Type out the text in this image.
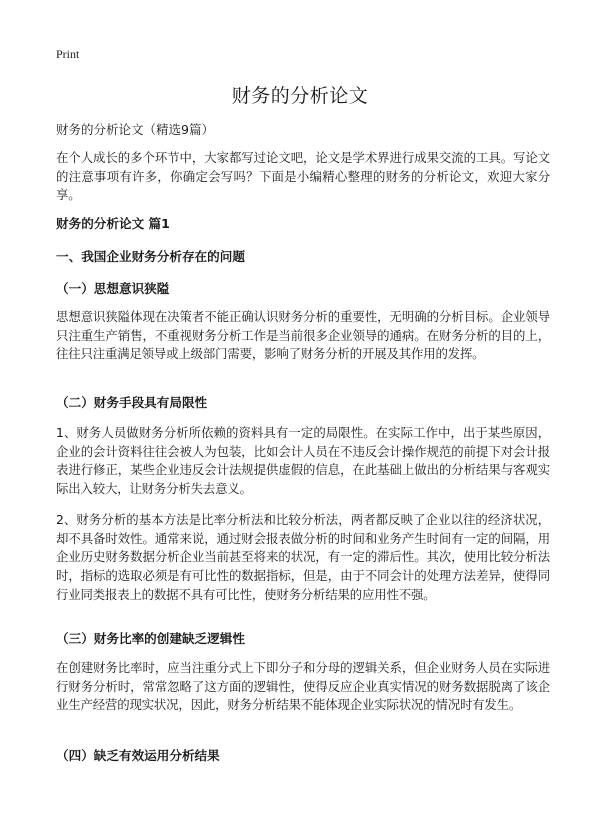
Print
财务的分析论文

财务的分析论文（精选9篇）

在个人成长的多个环节中，大家都写过论文吧，论文是学术界进行成果交流的工具。写论文的注意事项有许多，你确定会写吗？下面是小编精心整理的财务的分析论文，欢迎大家分享。

财务的分析论文 篇1
一、我国企业财务分析存在的问题
（一）思想意识狭隘

思想意识狭隘体现在决策者不能正确认识财务分析的重要性，无明确的分析目标。企业领导只注重生产销售，不重视财务分析工作是当前很多企业领导的通病。在财务分析的目的上，往往只注重满足领导或上级部门需要，影响了财务分析的开展及其作用的发挥。

（二）财务手段具有局限性

1、财务人员做财务分析所依赖的资料具有一定的局限性。在实际工作中，出于某些原因，企业的会计资料往往会被人为包装，比如会计人员在不违反会计操作规范的前提下对会计报表进行修正，某些企业违反会计法规提供虚假的信息，在此基础上做出的分析结果与客观实际出入较大，让财务分析失去意义。

2、财务分析的基本方法是比率分析法和比较分析法，两者都反映了企业以往的经济状况，却不具备时效性。通常来说，通过财会报表做分析的时间和业务产生时间有一定的间隔，用企业历史财务数据分析企业当前甚至将来的状况，有一定的滞后性。其次，使用比较分析法时，指标的选取必须是有可比性的数据指标，但是，由于不同会计的处理方法差异，使得同行业同类报表上的数据不具有可比性，使财务分析结果的应用性不强。

（三）财务比率的创建缺乏逻辑性

在创建财务比率时，应当注重分式上下即分子和分母的逻辑关系，但企业财务人员在实际进行财务分析时，常常忽略了这方面的逻辑性，使得反应企业真实情况的财务数据脱离了该企业生产经营的现实状况，因此，财务分析结果不能体现企业实际状况的情况时有发生。

（四）缺乏有效运用分析结果
